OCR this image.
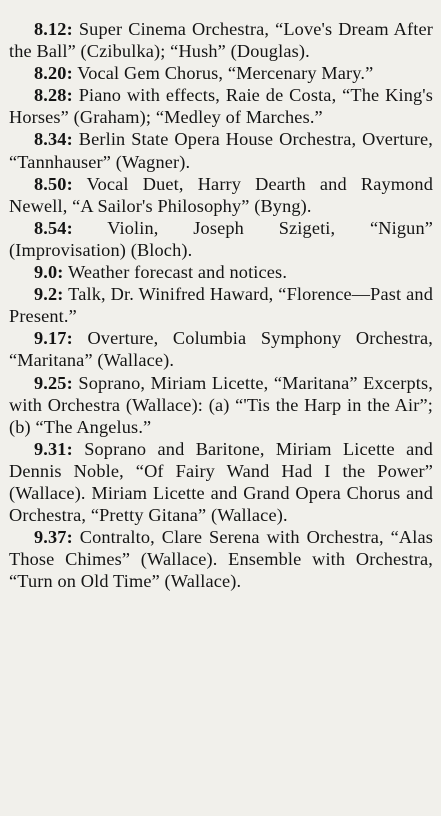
8.12: Super Cinema Orchestra, “Love's Dream After the Ball” (Czibulka); “Hush” (Douglas).

8.20: Vocal Gem Chorus, “Mercenary Mary.”

8.28: Piano with effects, Raie de Costa, “The King's Horses” (Graham); “Medley of Marches.”

8.34: Berlin State Opera House Orchestra, Overture, “Tannhauser” (Wagner).

8.50: Vocal Duet, Harry Dearth and Raymond Newell, “A Sailor's Philosophy” (Byng).

8.54: Violin, Joseph Szigeti, “Nigun” (Improvisation) (Bloch).

9.0: Weather forecast and notices.

9.2: Talk, Dr. Winifred Haward, “Florence—Past and Present.”

9.17: Overture, Columbia Symphony Orchestra, “Maritana” (Wallace).

9.25: Soprano, Miriam Licette, “Maritana” Excerpts, with Orchestra (Wallace): (a) “'Tis the Harp in the Air”; (b) “The Angelus.”

9.31: Soprano and Baritone, Miriam Licette and Dennis Noble, “Of Fairy Wand Had I the Power” (Wallace). Miriam Licette and Grand Opera Chorus and Orchestra, “Pretty Gitana” (Wallace).

9.37: Contralto, Clare Serena with Orchestra, “Alas Those Chimes” (Wallace). Ensemble with Orchestra, “Turn on Old Time” (Wallace).
